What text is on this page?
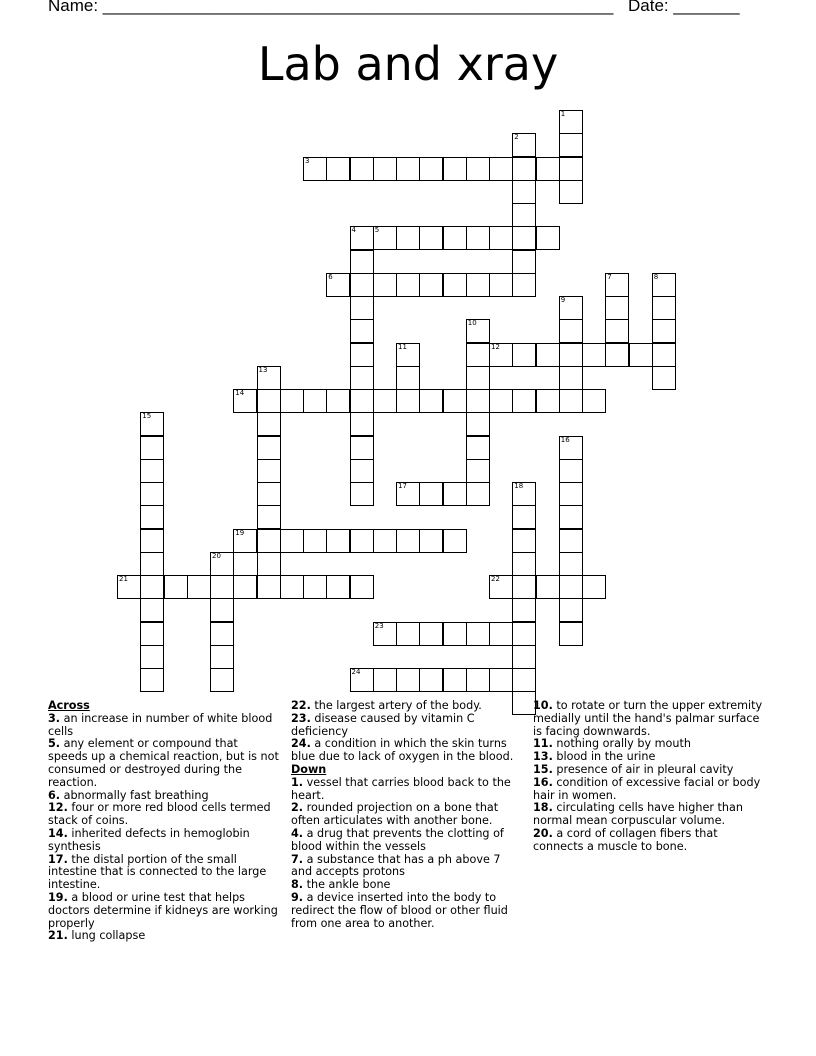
Name: ______________________________________________________ Date: _______
Lab and xray
3
5
6
12
14
17
19
21	22
23
24
1
2
4
7	8
9
10
11
13
15
16
18
20
Across
3. an increase in number of white blood cells
5. any element or compound that speeds up a chemical reaction, but is not consumed or destroyed during the reaction.
6. abnormally fast breathing
12. four or more red blood cells termed stack of coins.
14. inherited defects in hemoglobin synthesis
17. the distal portion of the small intestine that is connected to the large intestine.
19. a blood or urine test that helps doctors determine if kidneys are working properly
21. lung collapse
22. the largest artery of the body.
23. disease caused by vitamin C deficiency
24. a condition in which the skin turns blue due to lack of oxygen in the blood.
Down
1. vessel that carries blood back to the heart.
2. rounded projection on a bone that often articulates with another bone.
4. a drug that prevents the clotting of blood within the vessels
7. a substance that has a ph above 7 and accepts protons
8. the ankle bone
9. a device inserted into the body to redirect the flow of blood or other fluid from one area to another.
10. to rotate or turn the upper extremity medially until the hand's palmar surface is facing downwards.
11. nothing orally by mouth
13. blood in the urine
15. presence of air in pleural cavity
16. condition of excessive facial or body hair in women.
18. circulating cells have higher than normal mean corpuscular volume.
20. a cord of collagen fibers that connects a muscle to bone.
